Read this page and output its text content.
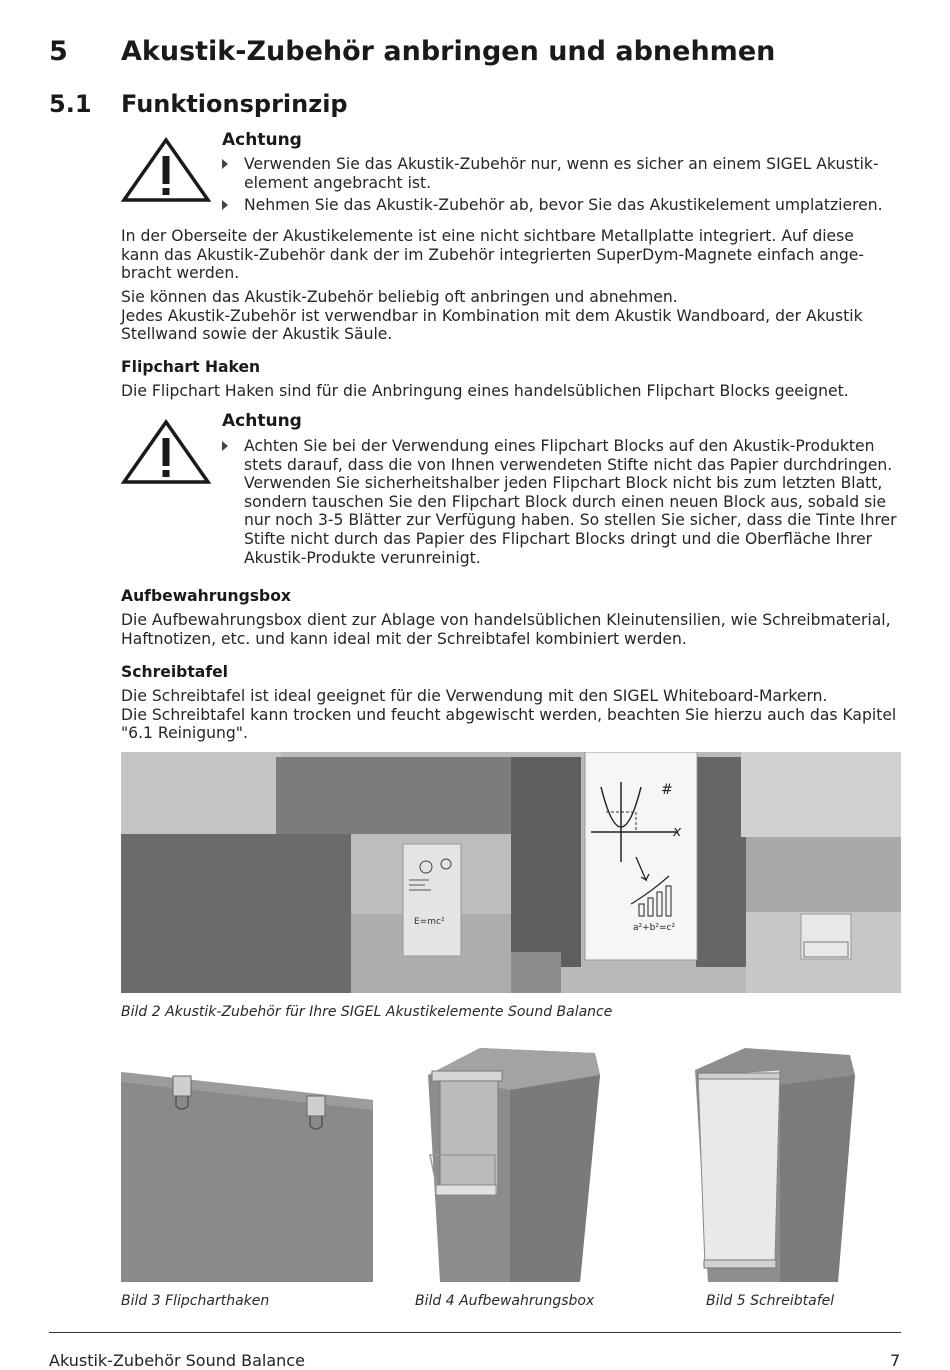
5 Akustik-Zubehör anbringen und abnehmen
5.1 Funktionsprinzip
Achtung
Verwenden Sie das Akustik-Zubehör nur, wenn es sicher an einem SIGEL Akustik-
element angebracht ist.
Nehmen Sie das Akustik-Zubehör ab, bevor Sie das Akustikelement umplatzieren.
In der Oberseite der Akustikelemente ist eine nicht sichtbare Metallplatte integriert. Auf diese
kann das Akustik-Zubehör dank der im Zubehör integrierten SuperDym-Magnete einfach ange-
bracht werden.
Sie können das Akustik-Zubehör beliebig oft anbringen und abnehmen.
Jedes Akustik-Zubehör ist verwendbar in Kombination mit dem Akustik Wandboard, der Akustik
Stellwand sowie der Akustik Säule.
Flipchart Haken
Die Flipchart Haken sind für die Anbringung eines handelsüblichen Flipchart Blocks geeignet.
Achtung
Achten Sie bei der Verwendung eines Flipchart Blocks auf den Akustik-Produkten
stets darauf, dass die von Ihnen verwendeten Stifte nicht das Papier durchdringen.
Verwenden Sie sicherheitshalber jeden Flipchart Block nicht bis zum letzten Blatt,
sondern tauschen Sie den Flipchart Block durch einen neuen Block aus, sobald sie
nur noch 3-5 Blätter zur Verfügung haben. So stellen Sie sicher, dass die Tinte Ihrer
Stifte nicht durch das Papier des Flipchart Blocks dringt und die Oberfläche Ihrer
Akustik-Produkte verunreinigt.
Aufbewahrungsbox
Die Aufbewahrungsbox dient zur Ablage von handelsüblichen Kleinutensilien, wie Schreibmaterial,
Haftnotizen, etc. und kann ideal mit der Schreibtafel kombiniert werden.
Schreibtafel
Die Schreibtafel ist ideal geeignet für die Verwendung mit den SIGEL Whiteboard-Markern.
Die Schreibtafel kann trocken und feucht abgewischt werden, beachten Sie hierzu auch das Kapitel
"6.1 Reinigung".
E=mc²
#
x
a²+b²=c²
Bild 2 Akustik-Zubehör für Ihre SIGEL Akustikelemente Sound Balance
Bild 3 Flipcharthaken	Bild 4 Aufbewahrungsbox	Bild 5 Schreibtafel
Akustik-Zubehör Sound Balance	7
